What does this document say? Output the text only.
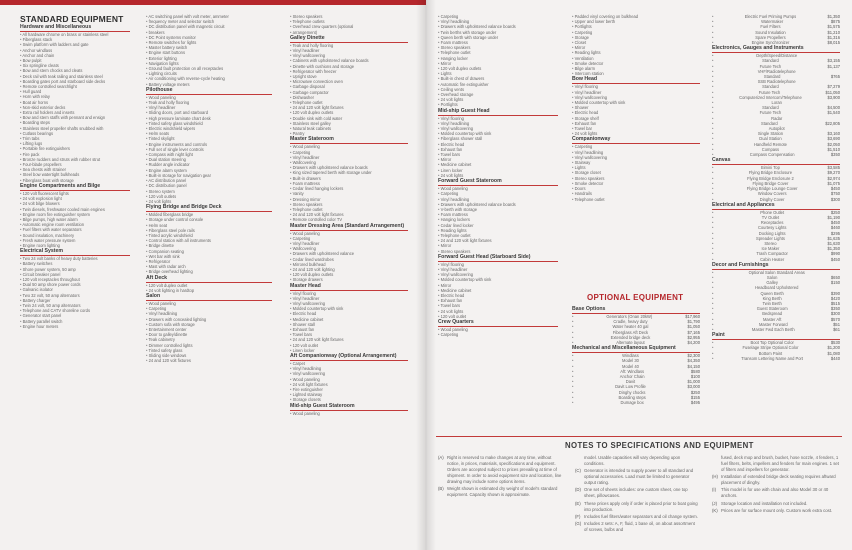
STANDARD EQUIPMENT

Hardware and Miscellaneous

• All hardware chrome on brass or stainless steel

• Fiberglass stack

• Swim platform with ladders and gate

• Anchor windlass

• Anchor and chain

• Bow pulpit

• Six springline cleats

• Bow and stern chocks and cleats

• Deck rail with teak railing and stainless steel

• Boarding gates port and starboard side decks

• Remote controlled searchlight

• Hull guard

• Horn with relay

• Boat air horns

• Non-skid exterior decks

• Extra rail holders and inserts

• Bow and stern staffs with pennant and ensign

• Boarding steps

• Stainless steel propeller shafts snubbed with

• Cutlass bearings

• Trim tabs

• Lifting lugs

• Portable fire extinguishers

• Fire pack

• Bronze rudders and struts with rubber strut

• Four-blade propellers

• Sea chests with strainer

• Steel bow watertight bulkheads

• Fiberglass boat with storage

Engine Compartments and Bilge

• 120 volt fluorescent lights

• 24 volt explosion light

• 24 volt bilge blowers

• Twin diesels, freshwater cooled main engines

• Engine room fire extinguisher system

• Bilge pumps, high water alarm

• Automatic engine room ventilation

• Fuel filters with water separators

• Sound insulation, machinery

• Fresh water pressure system

• Engine room lighting

Electrical System

• Two 24 volt banks of heavy duty batteries

• Battery switches

• Shore power system, 50 amp

• Circuit breaker panel

• 120 volt receptacles throughout

• Dual 50 amp shore power cords

• Galvanic isolator

• Two 32 volt, 50 amp alternators

• Battery charger

• Twin 24 volt, 50 amp alternators

• Telephone and CATV shoreline cords

• Generator start panel

• Battery parallel switch

• Engine hour meters

• AC switching panel with volt meter, ammeter

• frequency meter and selector switch

• DC distribution panel with magnetic circuit

• breakers

• DC Point systems monitor

• Remote switches for lights

• Master battery switch

• Engine start buttons

• Exterior lighting

• Navigation lights

• Ground fault protection on all receptacles

• Lighting circuits

• Air conditioning with reverse-cycle heating

• Battery voltage meters

Pilothouse

• Wood paneling

• Teak and holly flooring

• Vinyl headliner

• Sliding doors, port and starboard

• High pressure laminate chart desk

• Tinted safety glass windshield

• Electric windshield wipers

• Helm seats

• Tinted skylight

• Engine instruments and controls

• Full set of single lever controls

• Compass with night light

• Dual station steering

• Rudder angle indicator

• Engine alarm system

• Built-in storage for navigation gear

• AC distribution panel

• DC distribution panel

• Stereo system

• 120 volt outlets

• 24 volt lights

Flying Bridge and Bridge Deck

• Molded fiberglass bridge

• Storage under control console

• Helm seat

• Fiberglass steel pole rails

• Tinted acrylic windshield

• Control station with all instruments

• Bridge dinette

• Companion seating

• Wet bar with sink

• Refrigerator

• Mast with radar arch

• Bridge overhead lighting

Aft Deck

• 120 volt duplex outlet

• 24 volt lighting in hardtop

Salon

• Wood paneling

• Carpeting

• Vinyl headlining

• Drawers with concealed lighting

• Custom sofa with storage

• Entertainment center

• Door to galley/dinette

• Teak cabinetry

• Dimmer controlled lights

• Tinted safety glass

• Sliding side windows

• 24 and 120 volt fixtures

• Stereo speakers

• Telephone outlets

• Overhead crew quarters (optional

• arrangement)

Galley Dinette

• Teak and holly flooring

• Vinyl headliner

• Vinyl wallcovering

• Cabinets with upholstered valance boards

• Dinette with cushions and storage

• Refrigerator with freezer

• Upright stove

• Microwave convection oven

• Garbage disposal

• Garbage compactor

• Dishwasher

• Telephone outlet

• 24 and 120 volt light fixtures

• 120 volt duplex outlets

• Double sink with cold water

• Stainless steel galley

• Natural teak cabinets

• Pantry

Master Stateroom

• Wood paneling

• Carpeting

• Vinyl headliner

• Wallcovering

• Drawers with upholstered valance boards

• King sized tapered berth with storage under

• Built-in drawers

• Foam mattress

• Cedar lined hanging lockers

• Vanity

• Dressing mirror

• Stereo speakers

• Telephone outlet

• 24 and 120 volt light fixtures

• Remote controlled color TV

Master Dressing Area (Standard Arrangement)

• Wood paneling

• Carpeting

• Vinyl headliner

• Wallcovering

• Drawers with upholstered valance

• Cedar lined wardrobes

• Mirrored bulkhead

• 24 and 120 volt lighting

• 120 volt duplex outlets

• Storage drawers

Master Head

• Vinyl flooring

• Vinyl headliner

• Vinyl wallcovering

• Molded countertop with sink

• Electric head

• Medicine cabinet

• Shower stall

• Exhaust fan

• Towel bars

• 24 and 120 volt light fixtures

• 120 volt outlet

• Linen locker

Aft Companionway (Optional Arrangement)

• Carpet

• Vinyl headlining

• Vinyl wallcovering

• Wood paneling

• 24 volt light fixtures

• Fire extinguisher

• Lighted stairway

• Storage closets

Mid-ship Guest Stateroom

• Wood paneling

• Carpeting

• Vinyl headlining

• Drawers with upholstered valance boards

• Twin berths with storage under

• Queen berth with storage under

• Foam mattress

• Stereo speakers

• Telephone outlet

• Hanging locker

• Mirror

• 120 volt duplex outlets

• Lights

• Built-in chest of drawers

• Automatic fire extinguisher

• Ceiling vents

• Overhead storage

• 24 volt lights

• Portlights

Mid-ship Guest Head

• Vinyl flooring

• Vinyl headlining

• Vinyl wallcovering

• Molded countertop with sink

• Fiberglass shower stall

• Electric head

• Exhaust fan

• Towel bars

• Mirror

• Medicine cabinet

• Linen locker

• 24 volt lights

Forward Guest Stateroom

• Wood paneling

• Carpeting

• Vinyl headlining

• Drawers with upholstered valance boards

• V-berth with storage

• Foam mattress

• Hanging lockers

• Cedar lined locker

• Reading lights

• Telephone outlet

• 24 and 120 volt light fixtures

• Mirror

• Stereo speakers

Forward Guest Head (Starboard Side)

• Vinyl flooring

• Vinyl headliner

• Vinyl wallcovering

• Molded countertop with sink

• Mirror

• Medicine cabinet

• Electric head

• Exhaust fan

• Towel bars

• 24 volt lights

• 120 volt outlet

Crew Quarters

• Wood paneling

• Carpeting

• Padded vinyl covering on bulkhead

• Upper and lower berth

• Portlights

• Carpeting

• Storage

• Closet

• Mirror

• Reading lights

• Ventilation

• Smoke detector

• Bilge alarm

• Intercom station

Bow Head

• Vinyl flooring

• Vinyl headliner

• Vinyl wallcovering

• Molded countertop with sink

• Shower

• Electric head

• Storage shelf

• Exhaust fan

• Towel bar

• 24 volt lights

Companionway

• Carpeting

• Vinyl headlining

• Vinyl wallcovering

• Stairway

• Lights

• Storage closet

• Stereo speakers

• Smoke detector

• Doors

• Handrails

• Telephone outlet

OPTIONAL EQUIPMENT

Base Options

• Generators (Onan 20kW)	$17,960

• Cradle, heavy duty	$1,790

• Water heater 40 gal	$1,050

• Fiberglass Aft Deck	$7,165

• Extended bridge deck	$2,955

• Alternate layout	$4,200

Mechanical and Miscellaneous Equipment

• Windlass	$2,300

• Model 30	$4,350

• Model 40	$4,150

• Aft: Windlass	$580

• Anchor Chain	$100

• Davit	$1,000

• Davit Low Profile	$3,000

• Dinghy chocks	$250

• Boarding steps	$155

• Dumage box	$495

• Electric Fuel Priming Pumps	$1,350

• Watermaker	$875

• Fuel Filters	$1,575

• Sound Insulation	$1,210

• Spare Propellers	$1,316

• Engine Synchronizer	$8,015

Electronics, Gauges and Instruments

• Depth/Speed/Distance

• Standard	$3,155

• Future Tech	$1,137

• VHF/Radiotelephone

• Standard	$765

• SSB Radiotelephone

• Standard	$7,279

• Future Tech	$11,050

• Computerized Intercom/Telephone	$3,900

• Loran

• Standard	$4,500

• Future Tech	$1,540

• Radar

• Standard	$22,805

• Autopilot

• Single Station	$3,160

• Dual Station	$3,690

• Handheld Remote	$2,050

• Compass	$1,510

• Compass Compensation	$350

Canvas

• Bimini Top	$3,585

• Flying Bridge Enclosure	$9,270

• Flying Bridge Enclosure 2	$2,974

• Flying Bridge Cover	$1,075

• Flying Bridge Lounge Cover	$450

• Window Covers	$750

• Dinghy Cover	$300

Electrical and Appliances

• Phone Outlet	$250

• TV Outlet	$1,190

• Receptacles	$450

• Courtesy Lights	$460

• Docking Lights	$295

• Spreader Lights	$1,635

• Stereo	$1,630

• Ice Maker	$1,350

• Trash Compactor	$990

• Cabin Heater	$450

Decor and Furnishings

• Optional Salon Standard Areas

• Salon	$650

• Galley	$150

• Headboard Upholstered

• Queen Berth	$390

• King Berth	$420

• Twin Berth	$515

• Guest Stateroom	$350

• Bedspread	$300

• Master Aft	$570

• Master Forward	$51

• Master Fwd Each Berth	$61

Paint

• Boot Top Optional Color	$530

• Fuselage Stripe Optional Color	$1,200

• Bottom Paint	$1,080

• Transom Lettering Name and Port	$440

NOTES TO SPECIFICATIONS AND EQUIPMENT
(A) Right is reserved to make changes at any time, without notice, in prices, materials, specifications and equipment. Orders are accepted subject to prices prevailing at time of shipment. In order to avoid equipment size and location, line drawing may include some options items.
(B) Weight shown is estimated dry weight of model's standard equipment. Capacity shown is approximate.
model. Usable capacities will vary depending upon conditions.
(C) Generator is intended to supply power to all standard and optional accessories. Load must be limited to generator output rating.
(D) One set of sheets includes: one custom sheet, one top sheet, pillowcases.
(E) These prices apply only if order is placed prior to boat going into production.
(F) Includes fuel filters/water separators and oil change system.
(G) Includes 2 sets: A, F, fluid, 1 base oil, on about assortment of screws, bulbs and
fused, deck mop and brush, bucket, hose nozzle, 4 fenders, 1 fuel filters, belts, impellers and fenders for main engines. 1 set of filters and impellers for generator.
(H) Installation of extended bridge deck seating requires aftward placement of dinghy.
(I)	This model is for use with chain and also Model 30 or 40 anchors.
(J) Storage location and installation not included.
(K) Prices are for surface mount only. Custom work extra cost.
